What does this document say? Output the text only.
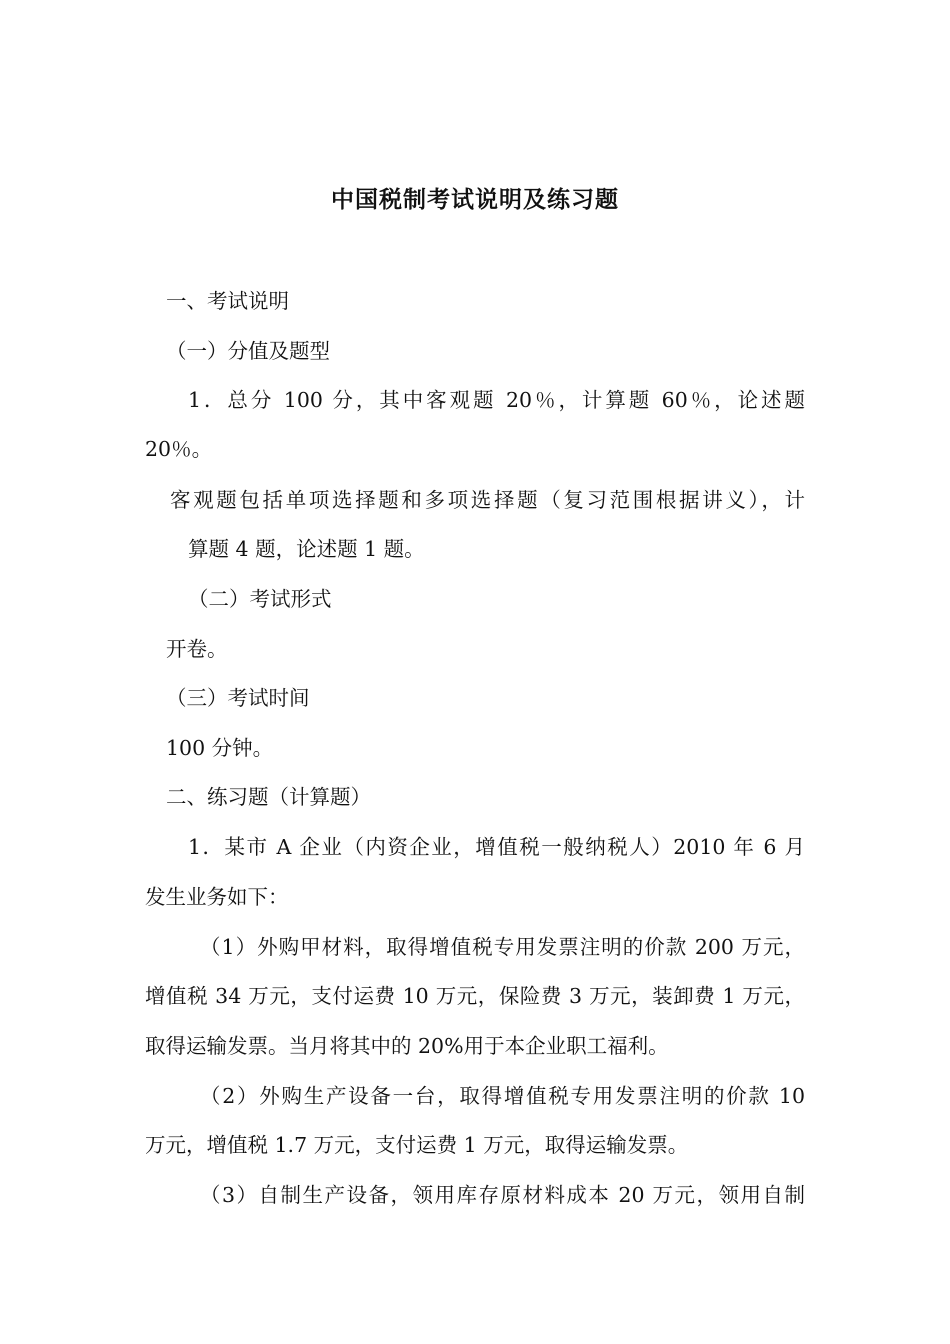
中国税制考试说明及练习题
一、考试说明
（一）分值及题型
1．总分 100 分，其中客观题 20％，计算题 60％，论述题
20％。
客观题包括单项选择题和多项选择题（复习范围根据讲义），计
算题 4 题，论述题 1 题。
（二）考试形式
开卷。
（三）考试时间
100 分钟。
二、练习题（计算题）
1．某市 A 企业（内资企业，增值税一般纳税人）2010 年 6 月
发生业务如下：
（1）外购甲材料，取得增值税专用发票注明的价款 200 万元，
增值税 34 万元，支付运费 10 万元，保险费 3 万元，装卸费 1 万元，
取得运输发票。当月将其中的 20%用于本企业职工福利。
（2）外购生产设备一台，取得增值税专用发票注明的价款 10
万元，增值税 1.7 万元，支付运费 1 万元，取得运输发票。
（3）自制生产设备，领用库存原材料成本 20 万元，领用自制
